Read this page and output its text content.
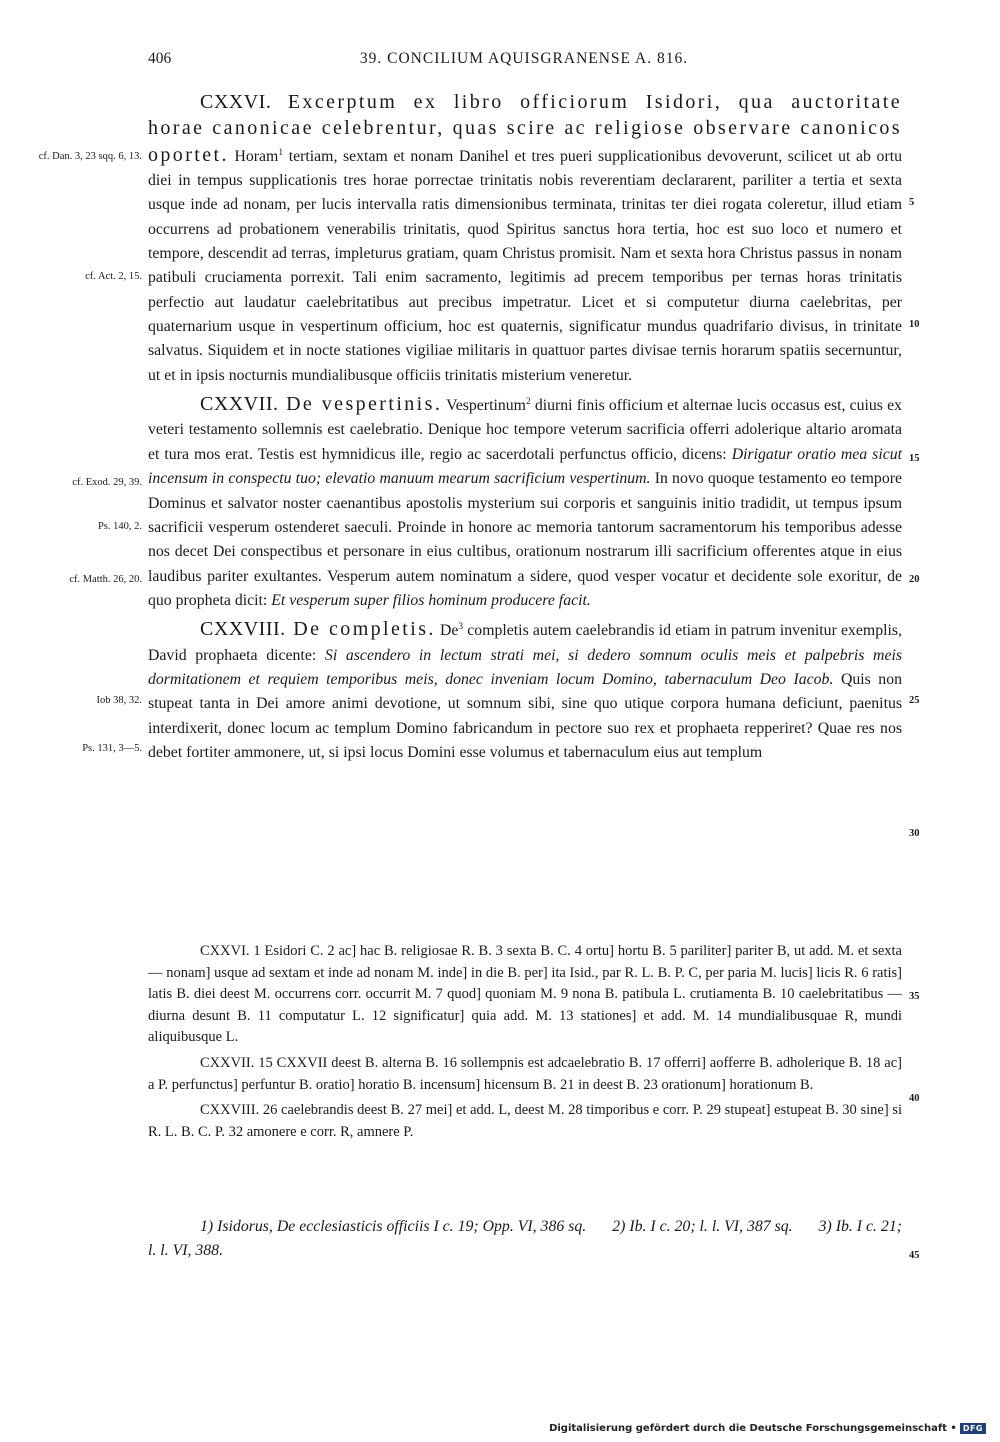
406	39. CONCILIUM AQUISGRANENSE A. 816.

CXXVI. Excerptum ex libro officiorum Isidori, qua auctoritate horae canonicae celebrentur, quas scire ac religiose observare canonicos oportet. Horam$^1$ tertiam, sextam et nonam Danihel et tres pueri supplicationibus devoverunt, scilicet ut ab ortu diei in tempus supplicationis tres horae porrectae trinitatis nobis reverentiam declararent, pariliter a tertia et sexta usque inde ad nonam, per lucis intervalla ratis dimensionibus terminata, trinitas ter diei rogata coleretur, illud etiam occurrens ad probationem venerabilis trinitatis, quod Spiritus sanctus hora tertia, hoc est suo loco et numero et tempore, descendit ad terras, impleturus gratiam, quam Christus promisit. Nam et sexta hora Christus passus in nonam patibuli cruciamenta porrexit. Tali enim sacramento, legitimis ad precem temporibus per ternas horas trinitatis perfectio aut laudatur caelebritatibus aut precibus impetratur. Licet et si computetur diurna caelebritas, per quaternarium usque in vespertinum officium, hoc est quaternis, significatur mundus quadrifario divisus, in trinitate salvatus. Siquidem et in nocte stationes vigiliae militaris in quattuor partes divisae ternis horarum spatiis secernuntur, ut et in ipsis nocturnis mundialibusque officiis trinitatis misterium veneretur.

CXXVII. De vespertinis. Vespertinum$^2$ diurni finis officium et alternae lucis occasus est, cuius ex veteri testamento sollemnis est caelebratio. Denique hoc tempore veterum sacrificia offerri adolerique altario aromata et tura mos erat. Testis est hymnidicus ille, regio ac sacerdotali perfunctus officio, dicens: Dirigatur oratio mea sicut incensum in conspectu tuo; elevatio manuum mearum sacrificium vespertinum. In novo quoque testamento eo tempore Dominus et salvator noster caenantibus apostolis mysterium sui corporis et sanguinis initio tradidit, ut tempus ipsum sacrificii vesperum ostenderet saeculi. Proinde in honore ac memoria tantorum sacramentorum his temporibus adesse nos decet Dei conspectibus et personare in eius cultibus, orationum nostrarum illi sacrificium offerentes atque in eius laudibus pariter exultantes. Vesperum autem nominatum a sidere, quod vesper vocatur et decidente sole exoritur, de quo propheta dicit: Et vesperum super filios hominum producere facit.

CXXVIII. De completis. De$^3$ completis autem caelebrandis id etiam in patrum invenitur exemplis, David prophaeta dicente: Si ascendero in lectum strati mei, si dedero somnum oculis meis et palpebris meis dormitationem et requiem temporibus meis, donec inveniam locum Domino, tabernaculum Deo Iacob. Quis non stupeat tanta in Dei amore animi devotione, ut somnum sibi, sine quo utique corpora humana deficiunt, paenitus interdixerit, donec locum ac templum Domino fabricandum in pectore suo rex et prophaeta repperiret? Quae res nos debet fortiter ammonere, ut, si ipsi locus Domini esse volumus et tabernaculum eius aut templum

cf. Dan. 3, 23 sqq. 6, 13.
cf. Act. 2, 15.
cf. Exod. 29, 39.
Ps. 140, 2.
cf. Matth. 26, 20.
Iob 38, 32.
Ps. 131, 3—5.
5
10
15
20
25
30
35
40
45

CXXVI. 1 Esidori C. 2 ac] hac B. religiosae R. B. 3 sexta B. C. 4 ortu] hortu B. 5 pariliter] pariter B, ut add. M. et sexta — nonam] usque ad sextam et inde ad nonam M. inde] in die B. per] ita Isid., par R. L. B. P. C, per paria M. lucis] licis R. 6 ratis] latis B. diei deest M. occurrens corr. occurrit M. 7 quod] quoniam M. 9 nona B. patibula L. crutiamenta B. 10 caelebritatibus — diurna desunt B. 11 computatur L. 12 significatur] quia add. M. 13 stationes] et add. M. 14 mundialibusquae R, mundi aliquibusque L.

CXXVII. 15 CXXVII deest B. alterna B. 16 sollempnis est adcaelebratio B. 17 offerri] aofferre B. adholerique B. 18 ac] a P. perfunctus] perfuntur B. oratio] horatio B. incensum] hicensum B. 21 in deest B. 23 orationum] horationum B.

CXXVIII. 26 caelebrandis deest B. 27 mei] et add. L, deest M. 28 timporibus e corr. P. 29 stupeat] estupeat B. 30 sine] si R. L. B. C. P. 32 amonere e corr. R, amnere P.

1) Isidorus, De ecclesiasticis officiis I c. 19; Opp. VI, 386 sq. 2) Ib. I c. 20; l. l. VI, 387 sq. 3) Ib. I c. 21; l. l. VI, 388.

Digitalisierung gefördert durch die Deutsche Forschungsgemeinschaft • DFG
